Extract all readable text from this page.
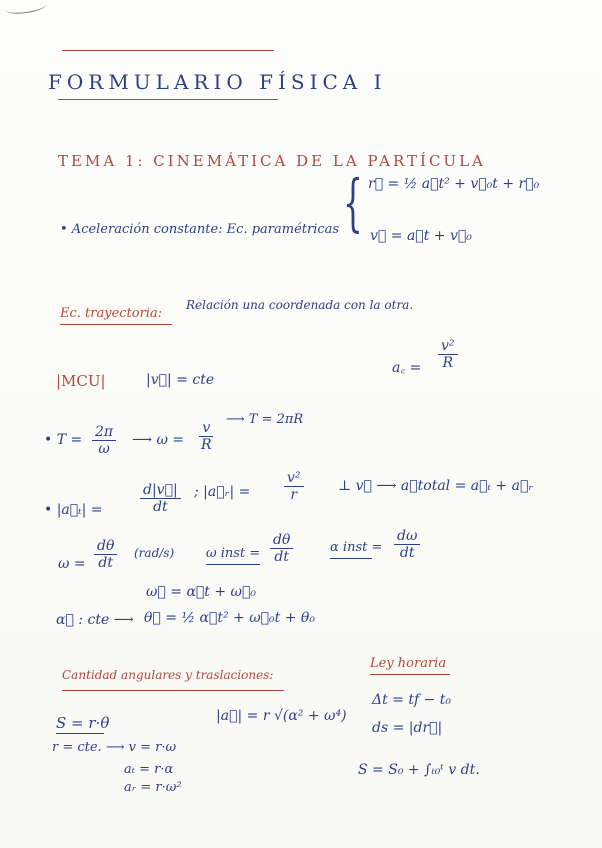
FORMULARIO FÍSICA I
TEMA 1: CINEMÁTICA DE LA PARTÍCULA
• Aceleración constante: Ec. paramétricas { r⃗ = ½ a⃗t² + v⃗₀t + r⃗₀
v⃗ = a⃗t + v⃗₀
Ec. trayectoria:
Relación una coordenada con la otra.
|MCU|	|v⃗| = cte
a꜀ = $\frac{\text{v²}}{R}$
• $T = \frac{2\pi}{\omega}$ ⟶ $\omega = \frac{v}{R}$
⟶ T = 2πR
• |a⃗ₜ| =	$\frac{d|v⃗|}{dt}$ ; |a⃗ᵣ| = $\frac{\text{v²}}{r}$ ⊥ v⃗ ⟶ a⃗total = a⃗ₜ + a⃗ᵣ
$\omega = \frac{d\theta}{dt} (rad/s)$ ω inst = $\frac{d\theta}{dt}$	α inst = $\frac{d\omega}{dt}$
α⃗ : cte ⟶
ω⃗ = α⃗t + ω⃗₀
θ⃗ = ½ α⃗t² + ω⃗₀t + θ₀
Cantidad angulares y traslaciones:
S = r·θ	|a⃗| = r √(α² + ω⁴)
r = cte. ⟶ v = r·ω
aₜ = r·α
aᵣ = r·ω²
Ley horaria
Δt = tf − t₀
ds = |dr⃗|
S = S₀ + ∫ₜ₀ᵗ v dt.
